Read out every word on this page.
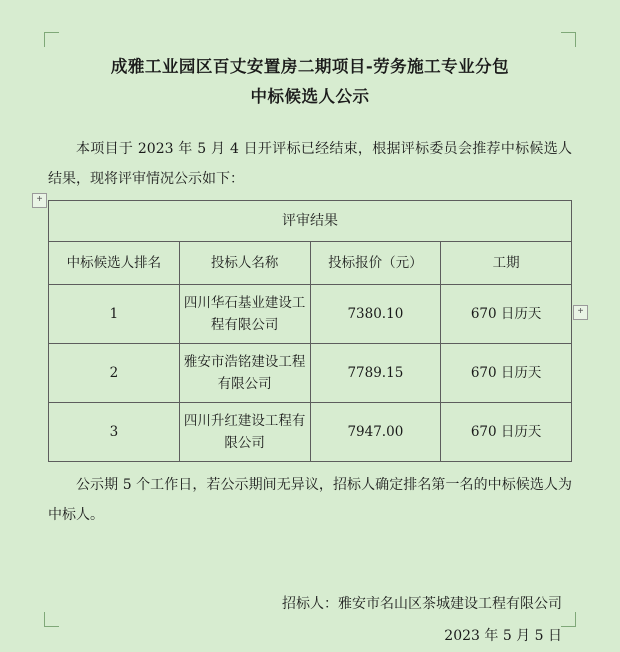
成雅工业园区百丈安置房二期项目-劳务施工专业分包
中标候选人公示

本项目于 2023 年 5 月 4 日开评标已经结束，根据评标委员会推荐中标候选人结果，现将评审情况公示如下：

评审结果			
中标候选人排名	投标人名称	投标报价（元）	工期
1	四川华石基业建设工程有限公司	7380.10	670 日历天
2	雅安市浩铭建设工程有限公司	7789.15	670 日历天
3	四川升红建设工程有限公司	7947.00	670 日历天

公示期 5 个工作日，若公示期间无异议，招标人确定排名第一名的中标候选人为中标人。

招标人：雅安市名山区茶城建设工程有限公司
2023 年 5 月 5 日
+
+
